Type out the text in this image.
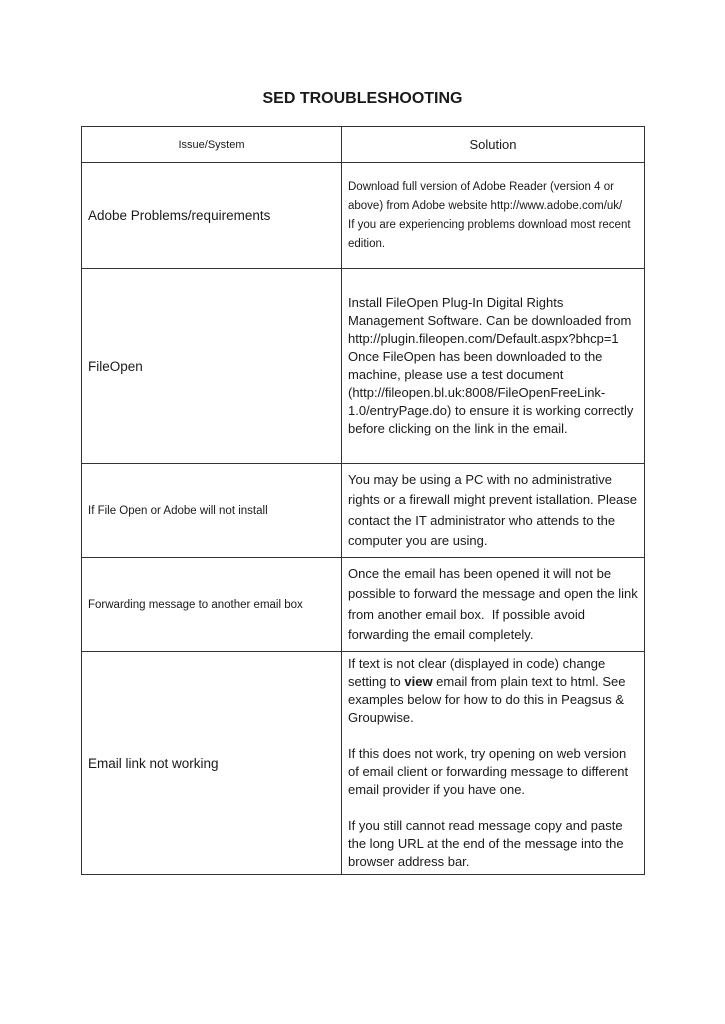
SED TROUBLESHOOTING
Issue/System	Solution
Adobe Problems/requirements	Download full version of Adobe Reader (version 4 or above) from Adobe website http://www.adobe.com/uk/    If you are experiencing problems download most recent edition.
FileOpen	Install FileOpen Plug-In Digital Rights Management Software. Can be downloaded from http://plugin.fileopen.com/Default.aspx?bhcp=1 Once FileOpen has been downloaded to the machine, please use a test document (http://fileopen.bl.uk:8008/FileOpenFreeLink-1.0/entryPage.do) to ensure it is working correctly before clicking on the link in the email.
If File Open or Adobe will not install	You may be using a PC with no administrative rights or a firewall might prevent istallation. Please contact the IT administrator who attends to the computer you are using.
Forwarding message to another email box	Once the email has been opened it will not be possible to forward the message and open the link from another email box.  If possible avoid forwarding the email completely.
Email link not working	If text is not clear (displayed in code) change setting to view email from plain text to html. See examples below for how to do this in Peagsus & Groupwise.
If this does not work, try opening on web version of email client or forwarding message to different email provider if you have one.
If you still cannot read message copy and paste the long URL at the end of the message into the browser address bar.
